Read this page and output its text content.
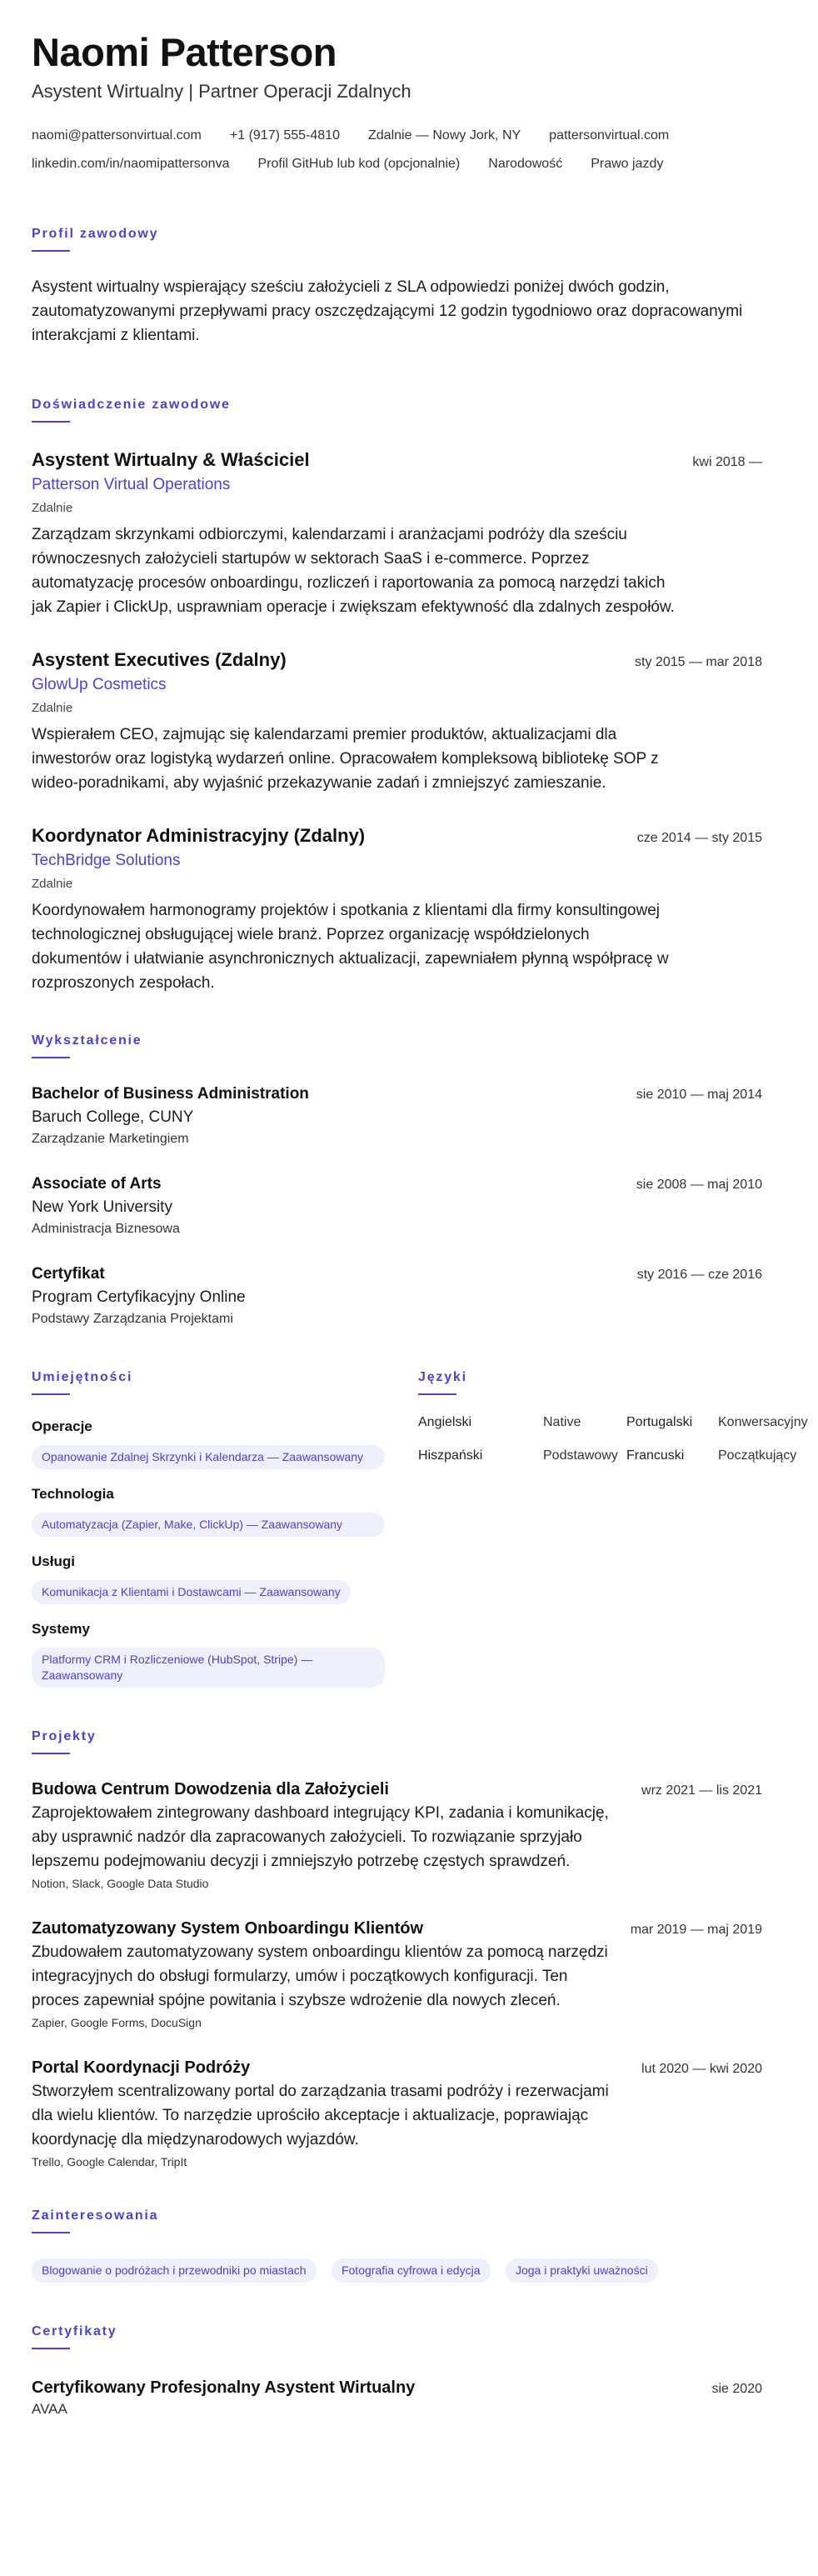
Naomi Patterson
Asystent Wirtualny | Partner Operacji Zdalnych
naomi@pattersonvirtual.com +1 (917) 555-4810 Zdalnie — Nowy Jork, NY pattersonvirtual.com
linkedin.com/in/naomipattersonva Profil GitHub lub kod (opcjonalnie) Narodowość Prawo jazdy
Profil zawodowy
Asystent wirtualny wspierający sześciu założycieli z SLA odpowiedzi poniżej dwóch godzin, zautomatyzowanymi przepływami pracy oszczędzającymi 12 godzin tygodniowo oraz dopracowanymi interakcjami z klientami.
Doświadczenie zawodowe
Asystent Wirtualny & Właściciel	kwi 2018 —
Patterson Virtual Operations
Zdalnie
Zarządzam skrzynkami odbiorczymi, kalendarzami i aranżacjami podróży dla sześciu równoczesnych założycieli startupów w sektorach SaaS i e-commerce. Poprzez automatyzację procesów onboardingu, rozliczeń i raportowania za pomocą narzędzi takich jak Zapier i ClickUp, usprawniam operacje i zwiększam efektywność dla zdalnych zespołów.
Asystent Executives (Zdalny)	sty 2015 — mar 2018
GlowUp Cosmetics
Zdalnie
Wspierałem CEO, zajmując się kalendarzami premier produktów, aktualizacjami dla inwestorów oraz logistyką wydarzeń online. Opracowałem kompleksową bibliotekę SOP z wideo-poradnikami, aby wyjaśnić przekazywanie zadań i zmniejszyć zamieszanie.
Koordynator Administracyjny (Zdalny)	cze 2014 — sty 2015
TechBridge Solutions
Zdalnie
Koordynowałem harmonogramy projektów i spotkania z klientami dla firmy konsultingowej technologicznej obsługującej wiele branż. Poprzez organizację współdzielonych dokumentów i ułatwianie asynchronicznych aktualizacji, zapewniałem płynną współpracę w rozproszonych zespołach.
Wykształcenie
Bachelor of Business Administration	sie 2010 — maj 2014
Baruch College, CUNY
Zarządzanie Marketingiem
Associate of Arts	sie 2008 — maj 2010
New York University
Administracja Biznesowa
Certyfikat	sty 2016 — cze 2016
Program Certyfikacyjny Online
Podstawy Zarządzania Projektami
Umiejętności
Operacje
Opanowanie Zdalnej Skrzynki i Kalendarza — Zaawansowany
Technologia
Automatyzacja (Zapier, Make, ClickUp) — Zaawansowany
Usługi
Komunikacja z Klientami i Dostawcami — Zaawansowany
Systemy
Platformy CRM i Rozliczeniowe (HubSpot, Stripe) — Zaawansowany
Języki
Angielski	Native	Portugalski	Konwersacyjny
Hiszpański	Podstawowy Francuski	Początkujący
Projekty
Budowa Centrum Dowodzenia dla Założycieli	wrz 2021 — lis 2021
Zaprojektowałem zintegrowany dashboard integrujący KPI, zadania i komunikację, aby usprawnić nadzór dla zapracowanych założycieli. To rozwiązanie sprzyjało lepszemu podejmowaniu decyzji i zmniejszyło potrzebę częstych sprawdzeń.
Notion, Slack, Google Data Studio
Zautomatyzowany System Onboardingu Klientów	mar 2019 — maj 2019
Zbudowałem zautomatyzowany system onboardingu klientów za pomocą narzędzi integracyjnych do obsługi formularzy, umów i początkowych konfiguracji. Ten proces zapewniał spójne powitania i szybsze wdrożenie dla nowych zleceń.
Zapier, Google Forms, DocuSign
Portal Koordynacji Podróży	lut 2020 — kwi 2020
Stworzyłem scentralizowany portal do zarządzania trasami podróży i rezerwacjami dla wielu klientów. To narzędzie uprościło akceptacje i aktualizacje, poprawiając koordynację dla międzynarodowych wyjazdów.
Trello, Google Calendar, TripIt
Zainteresowania
Blogowanie o podróżach i przewodniki po miastach	Fotografia cyfrowa i edycja	Joga i praktyki uważności
Certyfikaty
Certyfikowany Profesjonalny Asystent Wirtualny	sie 2020
AVAA
